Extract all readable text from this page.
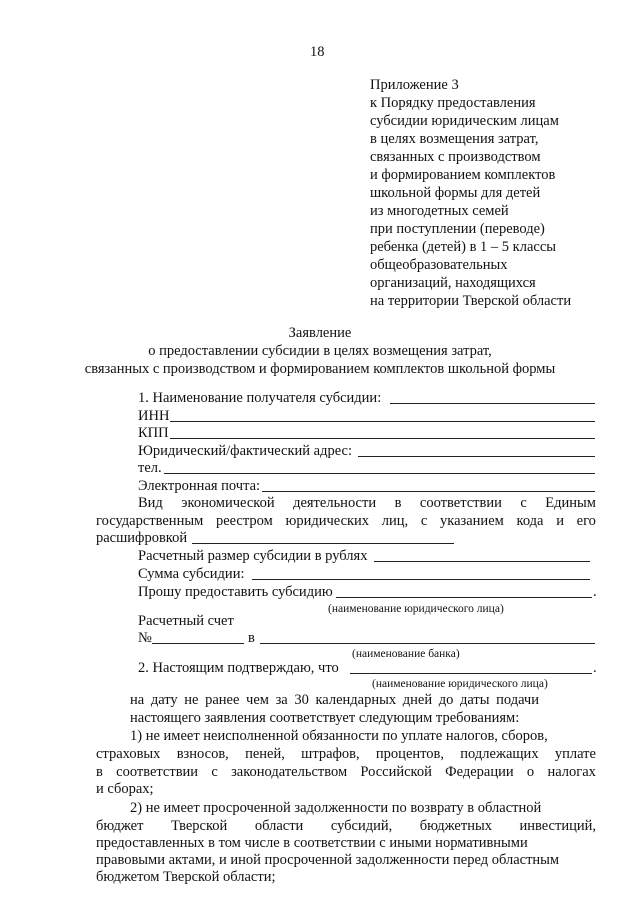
18
Приложение 3
к Порядку предоставления
субсидии юридическим лицам
в целях возмещения затрат,
связанных с производством
и формированием комплектов
школьной формы для детей
из многодетных семей
при поступлении (переводе)
ребенка (детей) в 1 – 5 классы
общеобразовательных
организаций, находящихся
на территории Тверской области
Заявление
о предоставлении субсидии в целях возмещения затрат,
связанных с производством и формированием комплектов школьной формы
1. Наименование получателя субсидии:
ИНН
КПП
Юридический/фактический адрес:
тел.
Электронная почта:
Вид экономической деятельности в соответствии с Единым
государственным реестром юридических лиц, с указанием кода и его
расшифровкой
Расчетный размер субсидии в рублях
Сумма субсидии:
Прошу предоставить субсидию	.
(наименование юридического лица)
Расчетный счет
№	в
(наименование банка)
2. Настоящим подтверждаю, что	.
(наименование юридического лица)
на дату не ранее чем за 30 календарных дней до даты подачи
настоящего заявления соответствует следующим требованиям:
1) не имеет неисполненной обязанности по уплате налогов, сборов,
страховых взносов, пеней, штрафов, процентов, подлежащих уплате
в соответствии с законодательством Российской Федерации о налогах
и сборах;
2) не имеет просроченной задолженности по возврату в областной
бюджет Тверской области субсидий, бюджетных инвестиций,
предоставленных в том числе в соответствии с иными нормативными
правовыми актами, и иной просроченной задолженности перед областным
бюджетом Тверской области;
